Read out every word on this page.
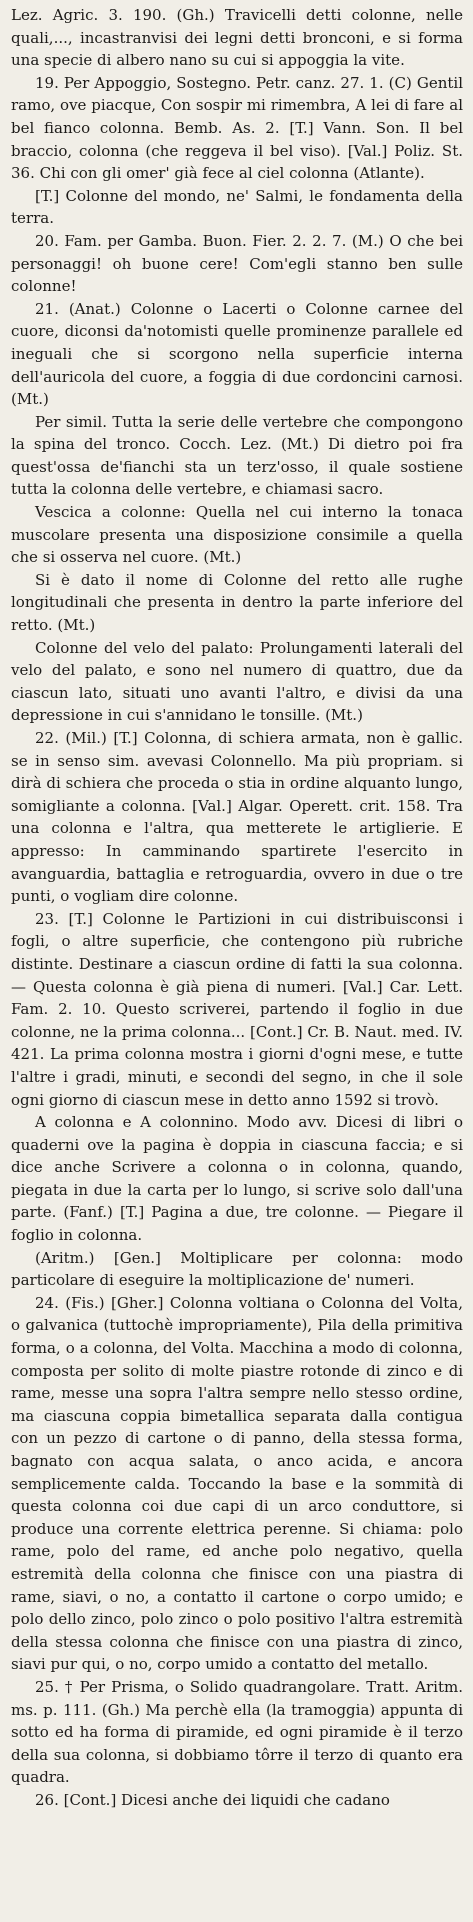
Lez. Agric. 3. 190. (Gh.) Travicelli detti colonne, nelle quali,..., incastranvisi dei legni detti bronconi, e si forma una specie di albero nano su cui si appoggia la vite.

19. Per Appoggio, Sostegno. Petr. canz. 27. 1. (C) Gentil ramo, ove piacque, Con sospir mi rimembra, A lei di fare al bel fianco colonna. Bemb. As. 2. [T.] Vann. Son. Il bel braccio, colonna (che reggeva il bel viso). [Val.] Poliz. St. 36. Chi con gli omer' già fece al ciel colonna (Atlante).

[T.] Colonne del mondo, ne' Salmi, le fondamenta della terra.

20. Fam. per Gamba. Buon. Fier. 2. 2. 7. (M.) O che bei personaggi! oh buone cere! Com'egli stanno ben sulle colonne!

21. (Anat.) Colonne o Lacerti o Colonne carnee del cuore, diconsi da'notomisti quelle prominenze parallele ed ineguali che si scorgono nella superficie interna dell'auricola del cuore, a foggia di due cordoncini carnosi. (Mt.)

Per simil. Tutta la serie delle vertebre che compongono la spina del tronco. Cocch. Lez. (Mt.) Di dietro poi fra quest'ossa de'fianchi sta un terz'osso, il quale sostiene tutta la colonna delle vertebre, e chiamasi sacro.

Vescica a colonne: Quella nel cui interno la tonaca muscolare presenta una disposizione consimile a quella che si osserva nel cuore. (Mt.)

Si è dato il nome di Colonne del retto alle rughe longitudinali che presenta in dentro la parte inferiore del retto. (Mt.)

Colonne del velo del palato: Prolungamenti laterali del velo del palato, e sono nel numero di quattro, due da ciascun lato, situati uno avanti l'altro, e divisi da una depressione in cui s'annidano le tonsille. (Mt.)

22. (Mil.) [T.] Colonna, di schiera armata, non è gallic. se in senso sim. avevasi Colonnello. Ma più propriam. si dirà di schiera che proceda o stia in ordine alquanto lungo, somigliante a colonna. [Val.] Algar. Operett. crit. 158. Tra una colonna e l'altra, qua metterete le artiglierie. E appresso: In camminando spartirete l'esercito in avanguardia, battaglia e retroguardia, ovvero in due o tre punti, o vogliam dire colonne.

23. [T.] Colonne le Partizioni in cui distribuisconsi i fogli, o altre superficie, che contengono più rubriche distinte. Destinare a ciascun ordine di fatti la sua colonna. — Questa colonna è già piena di numeri. [Val.] Car. Lett. Fam. 2. 10. Questo scriverei, partendo il foglio in due colonne, ne la prima colonna... [Cont.] Cr. B. Naut. med. IV. 421. La prima colonna mostra i giorni d'ogni mese, e tutte l'altre i gradi, minuti, e secondi del segno, in che il sole ogni giorno di ciascun mese in detto anno 1592 si trovò.

A colonna e A colonnino. Modo avv. Dicesi di libri o quaderni ove la pagina è doppia in ciascuna faccia; e si dice anche Scrivere a colonna o in colonna, quando, piegata in due la carta per lo lungo, si scrive solo dall'una parte. (Fanf.) [T.] Pagina a due, tre colonne. — Piegare il foglio in colonna.

(Aritm.) [Gen.] Moltiplicare per colonna: modo particolare di eseguire la moltiplicazione de' numeri.

24. (Fis.) [Gher.] Colonna voltiana o Colonna del Volta, o galvanica (tuttochè impropriamente), Pila della primitiva forma, o a colonna, del Volta. Macchina a modo di colonna, composta per solito di molte piastre rotonde di zinco e di rame, messe una sopra l'altra sempre nello stesso ordine, ma ciascuna coppia bimetallica separata dalla contigua con un pezzo di cartone o di panno, della stessa forma, bagnato con acqua salata, o anco acida, e ancora semplicemente calda. Toccando la base e la sommità di questa colonna coi due capi di un arco conduttore, si produce una corrente elettrica perenne. Si chiama: polo rame, polo del rame, ed anche polo negativo, quella estremità della colonna che finisce con una piastra di rame, siavi, o no, a contatto il cartone o corpo umido; e polo dello zinco, polo zinco o polo positivo l'altra estremità della stessa colonna che finisce con una piastra di zinco, siavi pur qui, o no, corpo umido a contatto del metallo.

25. † Per Prisma, o Solido quadrangolare. Tratt. Aritm. ms. p. 111. (Gh.) Ma perchè ella (la tramoggia) appunta di sotto ed ha forma di piramide, ed ogni piramide è il terzo della sua colonna, si dobbiamo tôrre il terzo di quanto era quadra.

26. [Cont.] Dicesi anche dei liquidi che cadano
